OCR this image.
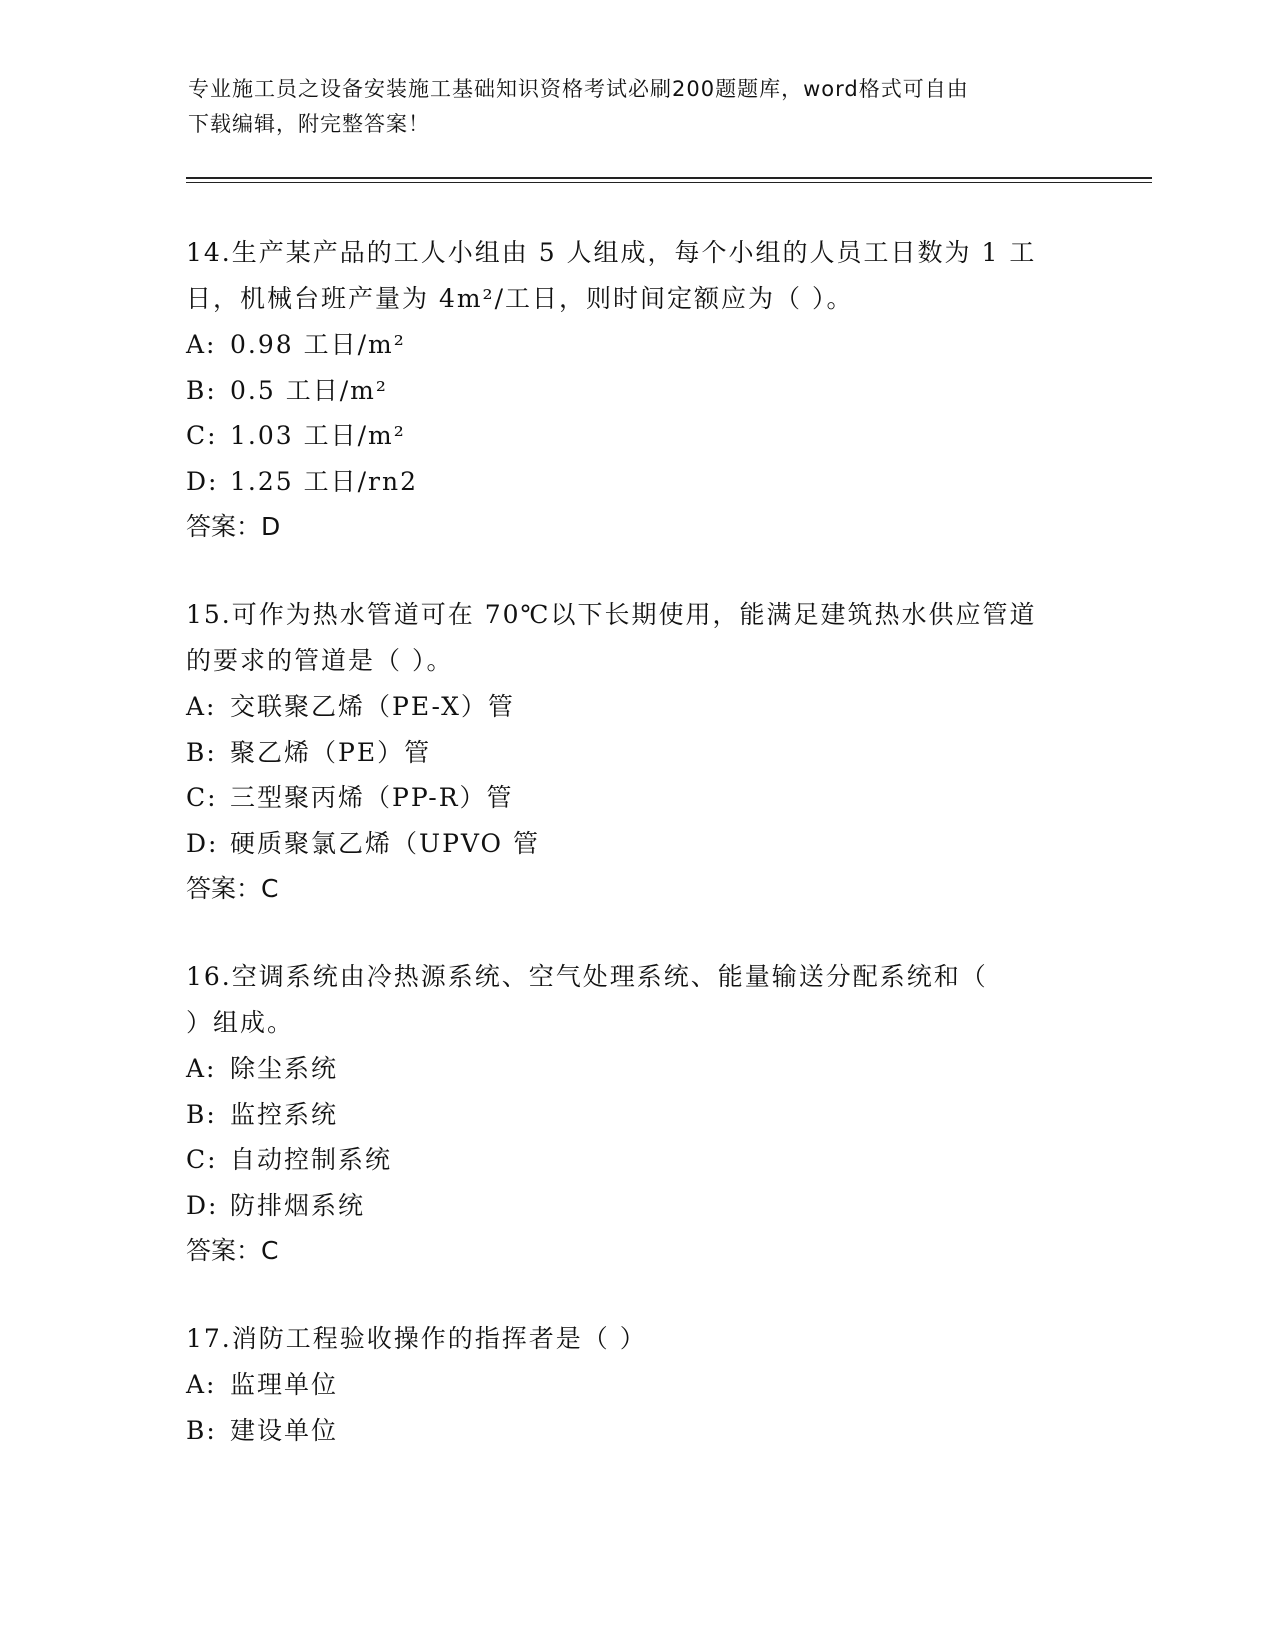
专业施工员之设备安装施工基础知识资格考试必刷200题题库，word格式可自由
下载编辑，附完整答案！

14.生产某产品的工人小组由 5 人组成，每个小组的人员工日数为 1 工

日，机械台班产量为 4m²/工日，则时间定额应为（ ）。

A: 0.98 工日/m²

B: 0.5 工日/m²

C: 1.03 工日/m²

D: 1.25 工日/rn2

答案：D

15.可作为热水管道可在 70℃以下长期使用，能满足建筑热水供应管道

的要求的管道是（ ）。

A: 交联聚乙烯（PE-X）管

B: 聚乙烯（PE）管

C: 三型聚丙烯（PP-R）管

D: 硬质聚氯乙烯（UPVO 管

答案：C

16.空调系统由冷热源系统、空气处理系统、能量输送分配系统和（

）组成。

A: 除尘系统

B: 监控系统

C: 自动控制系统

D: 防排烟系统

答案：C

17.消防工程验收操作的指挥者是（ ）

A: 监理单位

B: 建设单位
